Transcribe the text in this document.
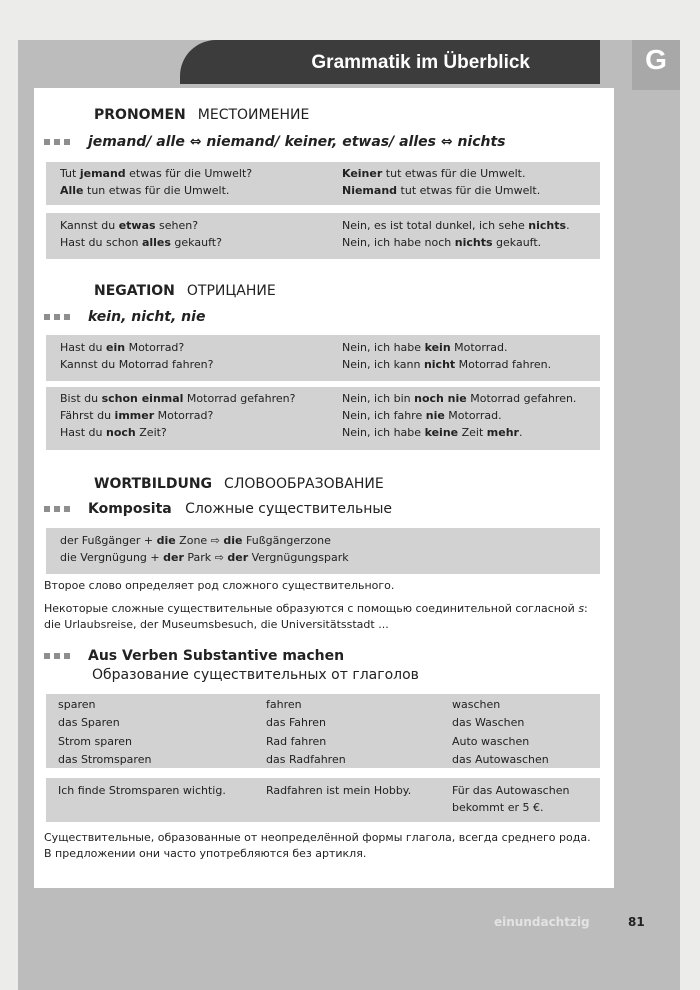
Grammatik im Überblick	G
PRONOMEN МЕСТОИМЕНИЕ
jemand/ alle ⇔ niemand/ keiner, etwas/ alles ⇔ nichts
Tut jemand etwas für die Umwelt?	Keiner tut etwas für die Umwelt.
Alle tun etwas für die Umwelt.	Niemand tut etwas für die Umwelt.
Kannst du etwas sehen?	Nein, es ist total dunkel, ich sehe nichts.
Hast du schon alles gekauft?	Nein, ich habe noch nichts gekauft.
NEGATION ОТРИЦАНИЕ
kein, nicht, nie
Hast du ein Motorrad?	Nein, ich habe kein Motorrad.
Kannst du Motorrad fahren?	Nein, ich kann nicht Motorrad fahren.
Bist du schon einmal Motorrad gefahren?	Nein, ich bin noch nie Motorrad gefahren.
Fährst du immer Motorrad?	Nein, ich fahre nie Motorrad.
Hast du noch Zeit?	Nein, ich habe keine Zeit mehr.
WORTBILDUNG СЛОВООБРАЗОВАНИЕ
Komposita Сложные существительные
der Fußgänger + die Zone ⇨ die Fußgängerzone
die Vergnügung + der Park ⇨ der Vergnügungspark
Второе слово определяет род сложного существительного.
Некоторые сложные существительные образуются с помощью соединительной согласной s:
die Urlaubsreise, der Museumsbesuch, die Universitätsstadt ...
Aus Verben Substantive machen
Образование существительных от глаголов
sparen	fahren	waschen
das Sparen	das Fahren	das Waschen
Strom sparen	Rad fahren	Auto waschen
das Stromsparen	das Radfahren	das Autowaschen
Ich finde Stromsparen wichtig.	Radfahren ist mein Hobby.	Für das Autowaschen
bekommt er 5 €.
Существительные, образованные от неопределённой формы глагола, всегда среднего рода.
В предложении они часто употребляются без артикля.
einundachtzig	81
